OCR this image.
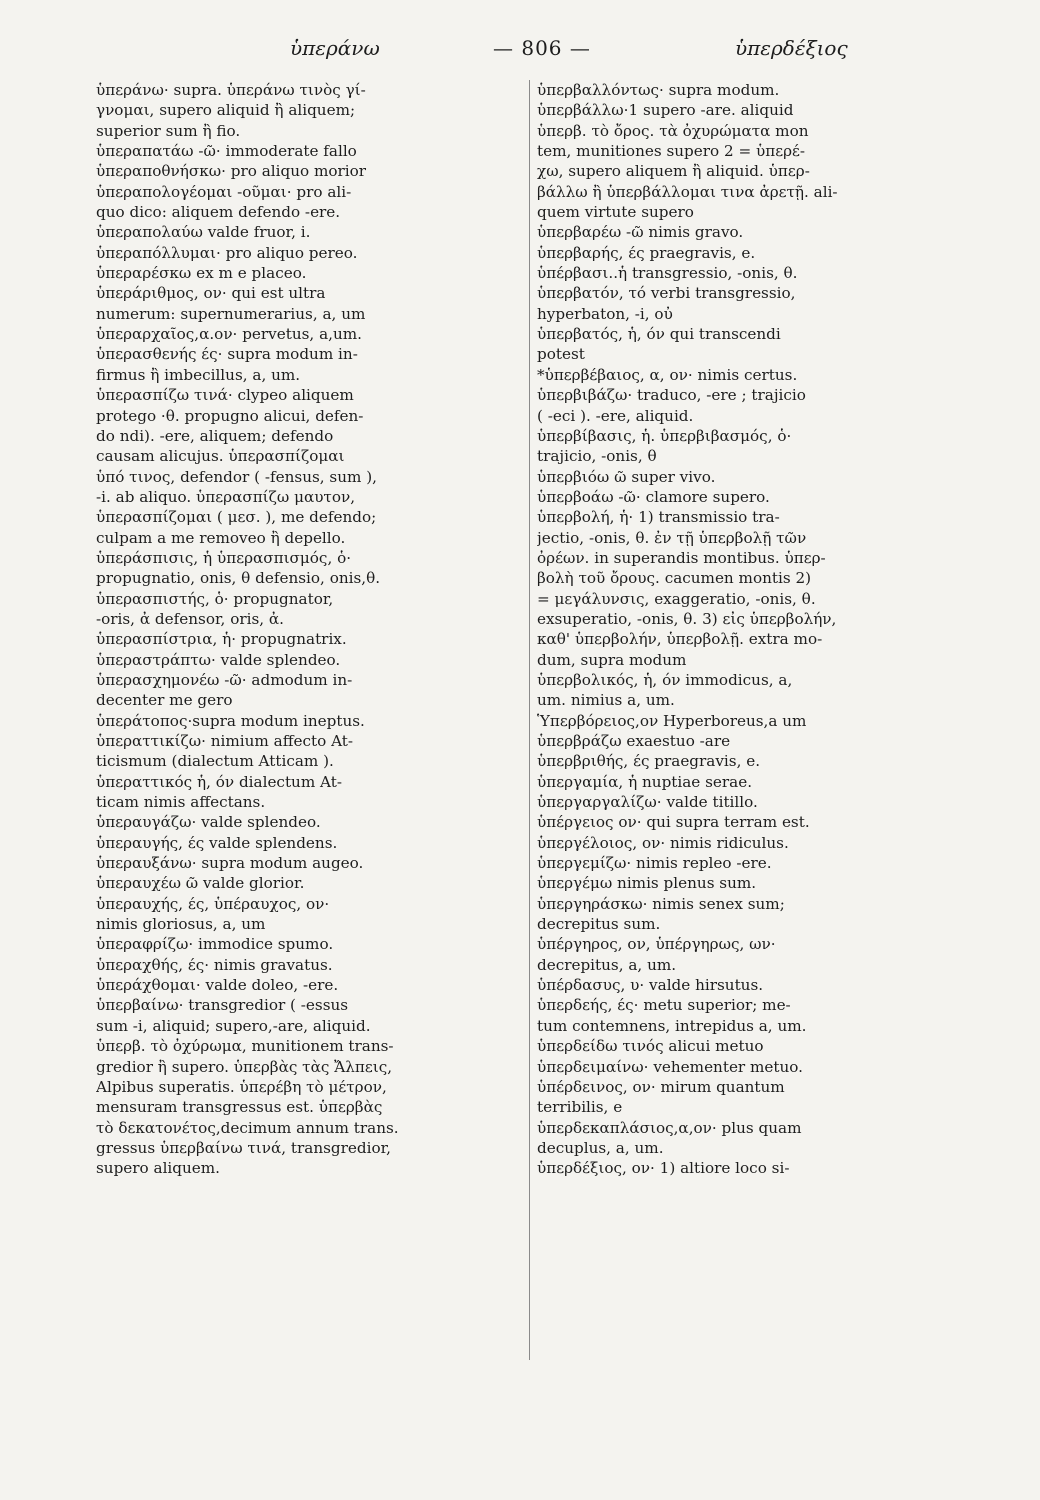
ὑπεράνω	— 806 —	ὑπερδέξιος
ὑπεράνω· supra. ὑπεράνω τινὸς γί-
γνομαι, supero aliquid ἢ aliquem;
superior sum ἢ fio.
ὑπεραπατάω -ῶ· immoderate fallo
ὑπεραποθνήσκω· pro aliquo morior
ὑπεραπολογέομαι -οῦμαι· pro ali-
quo dico: aliquem defendo -ere.
ὑπεραπολαύω valde fruor, i.
ὑπεραπόλλυμαι· pro aliquo pereo.
ὑπεραρέσκω ex m e placeo.
ὑπεράριθμος, ον· qui est ultra
numerum: supernumerarius, a, um
ὑπεραρχαῖος,α.ον· pervetus, a,um.
ὑπερασθενής ές· supra modum in-
firmus ἢ imbecillus, a, um.
ὑπερασπίζω τινά· clypeo aliquem
protego ·θ. propugno alicui, defen-
do ndi). -ere, aliquem; defendo
causam alicujus. ὑπερασπίζομαι
ὑπό τινος, defendor ( -fensus, sum ),
-i. ab aliquo. ὑπερασπίζω μαυτον,
ὑπερασπίζομαι ( μεσ. ), me defendo;
culpam a me removeo ἢ depello.
ὑπεράσπισις, ἡ ὑπερασπισμός, ὁ·
propugnatio, onis, θ defensio, onis,θ.
ὑπερασπιστής, ὁ· propugnator,
-oris, ἀ defensor, oris, ἀ.
ὑπερασπίστρια, ἡ· propugnatrix.
ὑπεραστράπτω· valde splendeo.
ὑπερασχημονέω -ῶ· admodum in-
decenter me gero
ὑπεράτοπος·supra modum ineptus.
ὑπεραττικίζω· nimium affecto At-
ticismum (dialectum Atticam ).
ὑπεραττικός ἡ, όν dialectum At-
ticam nimis affectans.
ὑπεραυγάζω· valde splendeo.
ὑπεραυγής, ές valde splendens.
ὑπεραυξάνω· supra modum augeo.
ὑπεραυχέω ῶ valde glorior.
ὑπεραυχής, ές, ὑπέραυχος, ον·
nimis gloriosus, a, um
ὑπεραφρίζω· immodice spumo.
ὑπεραχθής, ές· nimis gravatus.
ὑπεράχθομαι· valde doleo, -ere.
ὑπερβαίνω· transgredior ( -essus
sum -i, aliquid; supero,-are, aliquid.
ὑπερβ. τὸ ὀχύρωμα, munitionem trans-
gredior ἢ supero. ὑπερβὰς τὰς Ἄλπεις,
Alpibus superatis. ὑπερέβη τὸ μέτρον,
mensuram transgressus est. ὑπερβὰς
τὸ δεκατονέτος,decimum annum trans.
gressus ὑπερβαίνω τινά, transgredior,
supero aliquem.
ὑπερβαλλόντως· supra modum.
ὑπερβάλλω·1 supero -are. aliquid
ὑπερβ. τὸ ὄρος. τὰ ὀχυρώματα mon
tem, munitiones supero 2 = ὑπερέ-
χω, supero aliquem ἢ aliquid. ὑπερ-
βάλλω ἢ ὑπερβάλλομαι τινα ἀρετῇ. ali-
quem virtute supero
ὑπερβαρέω -ῶ nimis gravo.
ὑπερβαρής, ές praegravis, e.
ὑπέρβασι..ἡ transgressio, -onis, θ.
ὑπερβατόν, τό verbi transgressio,
hyperbaton, -i, οὐ
ὑπερβατός, ἡ, όν qui transcendi
potest
*ὑπερβέβαιος, α, ον· nimis certus.
ὑπερβιβάζω· traduco, -ere ; trajicio
( -eci ). -ere, aliquid.
ὑπερβίβασις, ἡ. ὑπερβιβασμός, ὁ·
trajicio, -onis, θ
ὑπερβιόω ῶ super vivo.
ὑπερβοάω -ῶ· clamore supero.
ὑπερβολή, ἡ· 1) transmissio tra-
jectio, -onis, θ. ἐν τῇ ὑπερβολῇ τῶν
ὀρέων. in superandis montibus. ὑπερ-
βολὴ τοῦ ὄρους. cacumen montis 2)
= μεγάλυνσις, exaggeratio, -onis, θ.
exsuperatio, -onis, θ. 3) εἰς ὑπερβολήν,
καθ' ὑπερβολήν, ὑπερβολῇ. extra mo-
dum, supra modum
ὑπερβολικός, ἡ, όν immodicus, a,
um. nimius a, um.
Ὑπερβόρειος,ον Hyperboreus,a um
ὑπερβράζω exaestuo -are
ὑπερβριθής, ές praegravis, e.
ὑπεργαμία, ἡ nuptiae serae.
ὑπεργαργαλίζω· valde titillo.
ὑπέργειος ον· qui supra terram est.
ὑπεργέλοιος, ον· nimis ridiculus.
ὑπεργεμίζω· nimis repleo -ere.
ὑπεργέμω nimis plenus sum.
ὑπεργηράσκω· nimis senex sum;
decrepitus sum.
ὑπέργηρος, ον, ὑπέργηρως, ων·
decrepitus, a, um.
ὑπέρδασυς, υ· valde hirsutus.
ὑπερδεής, ές· metu superior; me-
tum contemnens, intrepidus a, um.
ὑπερδείδω τινός alicui metuo
ὑπερδειμαίνω· vehementer metuo.
ὑπέρδεινος, ον· mirum quantum
terribilis, e
ὑπερδεκαπλάσιος,α,ον· plus quam
decuplus, a, um.
ὑπερδέξιος, ον· 1) altiore loco si-
